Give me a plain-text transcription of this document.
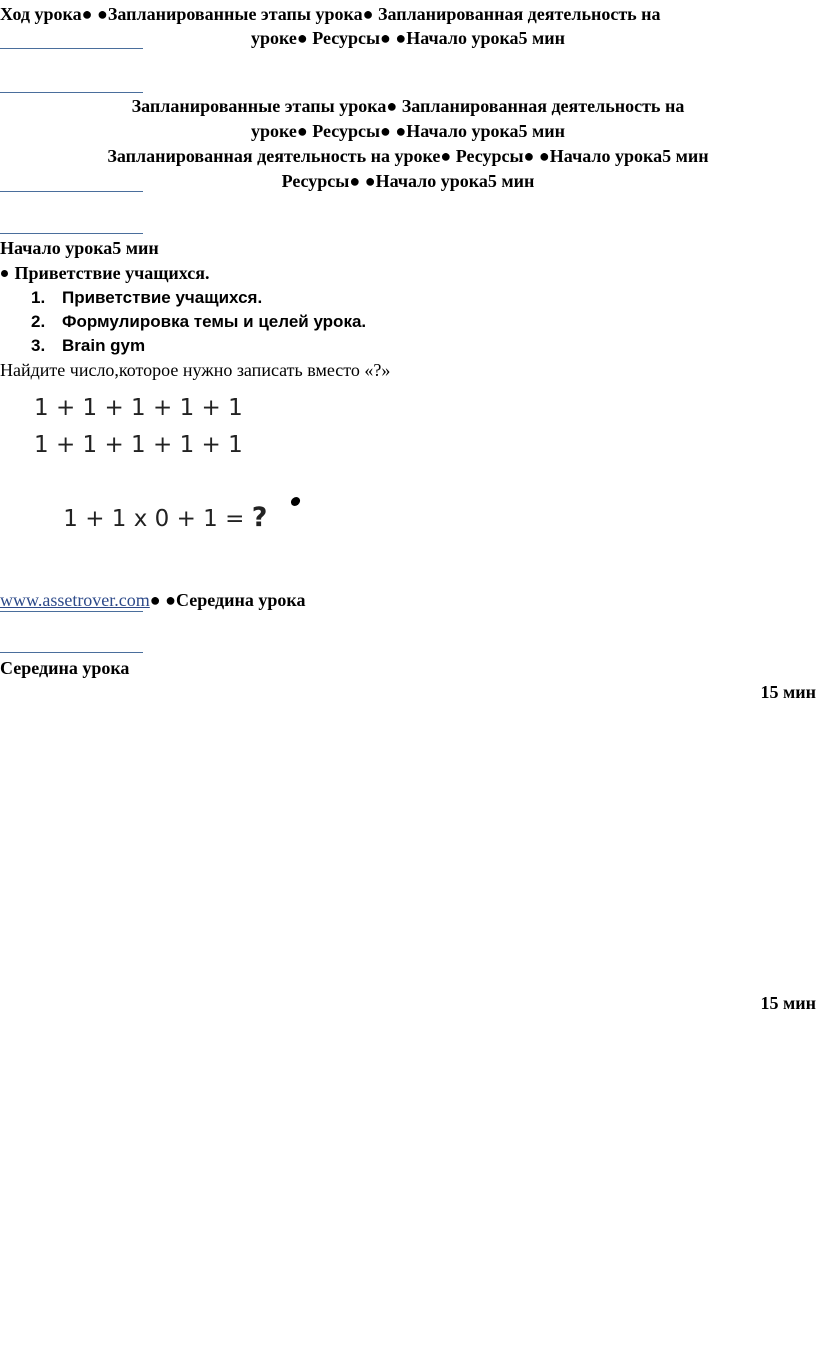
Ход урока● ●Запланированные этапы урока● Запланированная деятельность на
уроке● Ресурсы● ●Начало урока5 мин
Запланированные этапы урока● Запланированная деятельность на
уроке● Ресурсы● ●Начало урока5 мин
Запланированная деятельность на уроке● Ресурсы● ●Начало урока5 мин
Ресурсы● ●Начало урока5 мин
Начало урока5 мин
Приветствие учащихся.
1. Приветствие учащихся.
2. Формулировка темы и целей урока.
3. Brain gym
Найдите число,которое нужно записать вместо «?»
1 + 1 + 1 + 1 + 1
1 + 1 + 1 + 1 + 1

1 + 1 x 0 + 1 = ?

www.assetrover.com● ●Середина урока
Середина урока
15 мин
15 мин
